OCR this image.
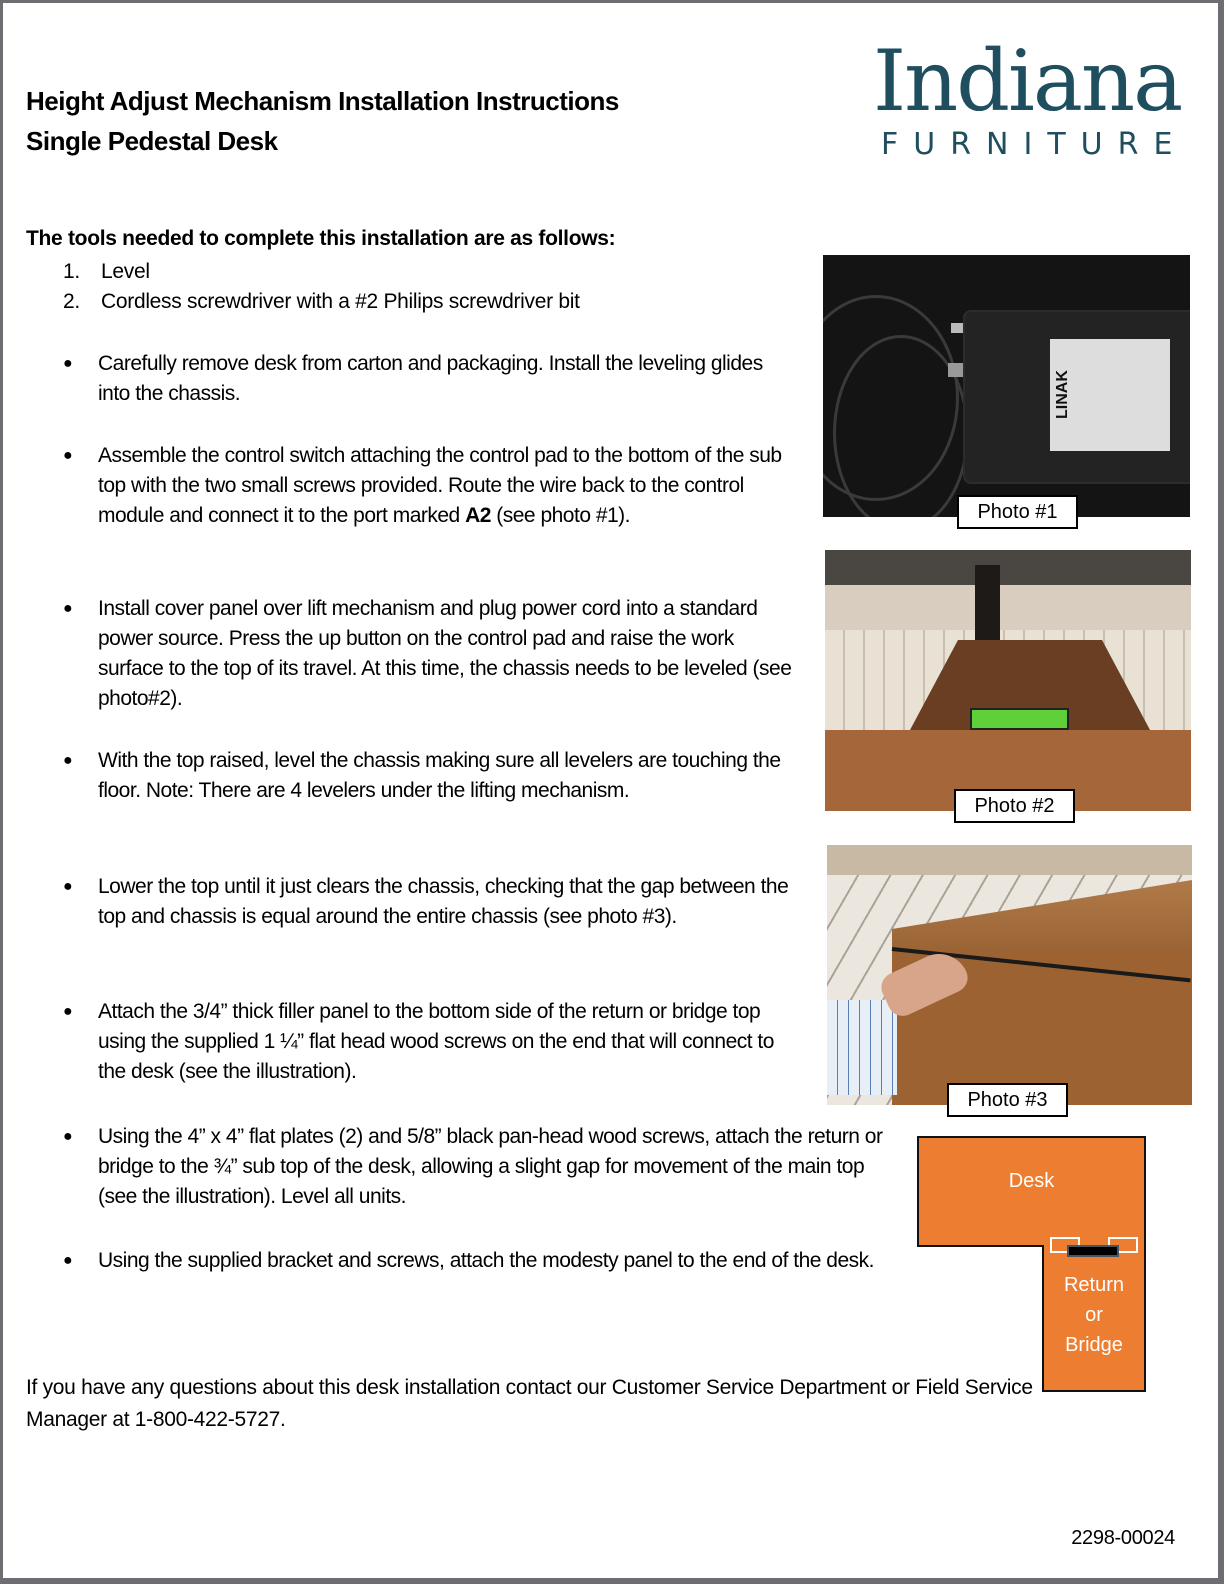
Height Adjust Mechanism Installation Instructions
Single Pedestal Desk
Indiana
FURNITURE
The tools needed to complete this installation are as follows:
1. Level
2. Cordless screwdriver with a #2 Philips screwdriver bit
LINAK
Photo #1
Photo #2
Photo #3
Desk
Return
or
Bridge
● Carefully remove desk from carton and packaging. Install the leveling glides into the chassis.
● Assemble the control switch attaching the control pad to the bottom of the sub top with the two small screws provided. Route the wire back to the control module and connect it to the port marked A2 (see photo #1).
● Install cover panel over lift mechanism and plug power cord into a standard power source. Press the up button on the control pad and raise the work surface to the top of its travel. At this time, the chassis needs to be leveled (see photo#2).
● With the top raised, level the chassis making sure all levelers are touching the floor. Note: There are 4 levelers under the lifting mechanism.
● Lower the top until it just clears the chassis, checking that the gap between the top and chassis is equal around the entire chassis (see photo #3).
● Attach the 3/4” thick filler panel to the bottom side of the return or bridge top using the supplied 1 ¼” flat head wood screws on the end that will connect to the desk (see the illustration).
● Using the 4” x 4” flat plates (2) and 5/8” black pan-head wood screws, attach the return or bridge to the ¾” sub top of the desk, allowing a slight gap for movement of the main top (see the illustration). Level all units.
● Using the supplied bracket and screws, attach the modesty panel to the end of the desk.
If you have any questions about this desk installation contact our Customer Service Department or Field Service Manager at 1-800-422-5727.
2298-00024
